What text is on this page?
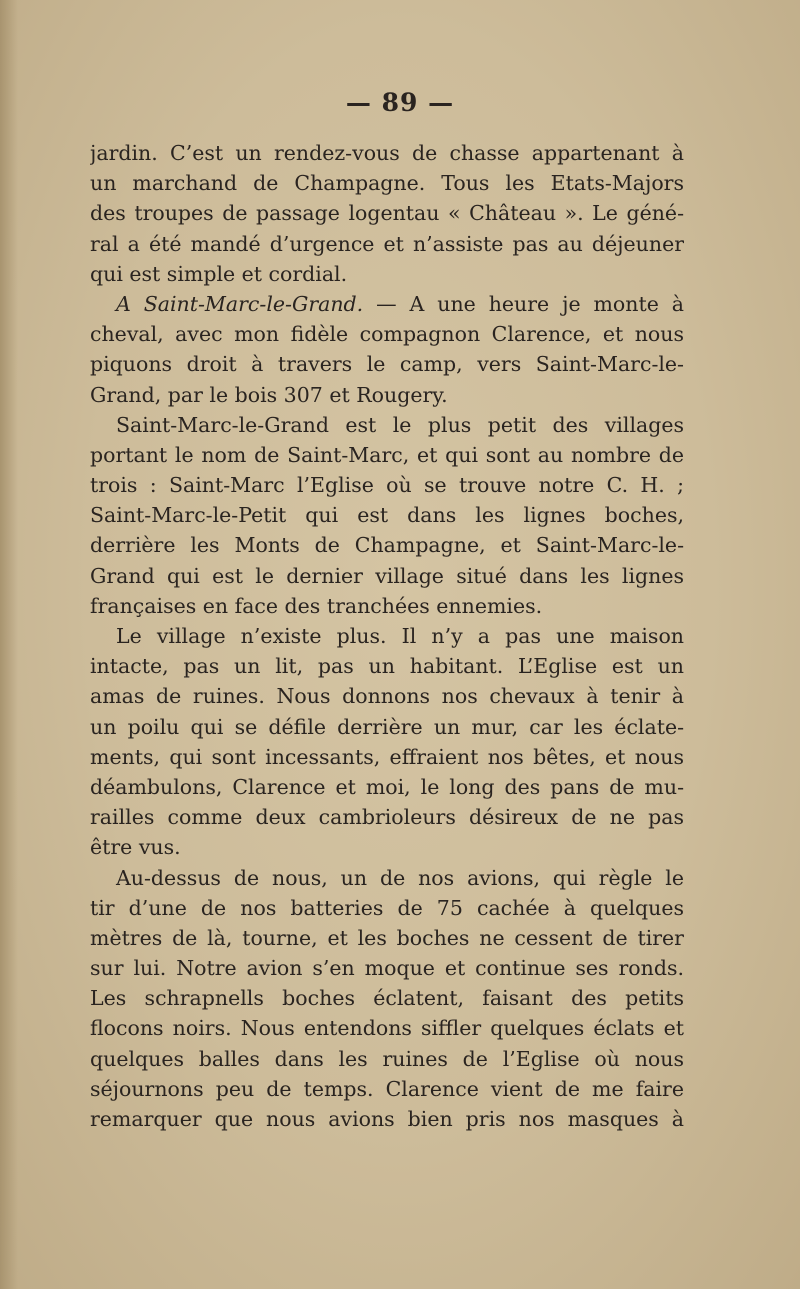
— 89 —
jardin. C’est un rendez-vous de chasse appartenant à
un marchand de Champagne. Tous les Etats-Majors
des troupes de passage logentau « Château ». Le géné-
ral a été mandé d’urgence et n’assiste pas au déjeuner
qui est simple et cordial.
A Saint-Marc-le-Grand. — A une heure je monte à
cheval, avec mon fidèle compagnon Clarence, et nous
piquons droit à travers le camp, vers Saint-Marc-le-
Grand, par le bois 307 et Rougery.
Saint-Marc-le-Grand est le plus petit des villages
portant le nom de Saint-Marc, et qui sont au nombre de
trois : Saint-Marc l’Eglise où se trouve notre C. H. ;
Saint-Marc-le-Petit qui est dans les lignes boches,
derrière les Monts de Champagne, et Saint-Marc-le-
Grand qui est le dernier village situé dans les lignes
françaises en face des tranchées ennemies.
Le village n’existe plus. Il n’y a pas une maison
intacte, pas un lit, pas un habitant. L’Eglise est un
amas de ruines. Nous donnons nos chevaux à tenir à
un poilu qui se défile derrière un mur, car les éclate-
ments, qui sont incessants, effraient nos bêtes, et nous
déambulons, Clarence et moi, le long des pans de mu-
railles comme deux cambrioleurs désireux de ne pas
être vus.
Au-dessus de nous, un de nos avions, qui règle le
tir d’une de nos batteries de 75 cachée à quelques
mètres de là, tourne, et les boches ne cessent de tirer
sur lui. Notre avion s’en moque et continue ses ronds.
Les schrapnells boches éclatent, faisant des petits
flocons noirs. Nous entendons siffler quelques éclats et
quelques balles dans les ruines de l’Eglise où nous
séjournons peu de temps. Clarence vient de me faire
remarquer que nous avions bien pris nos masques à
